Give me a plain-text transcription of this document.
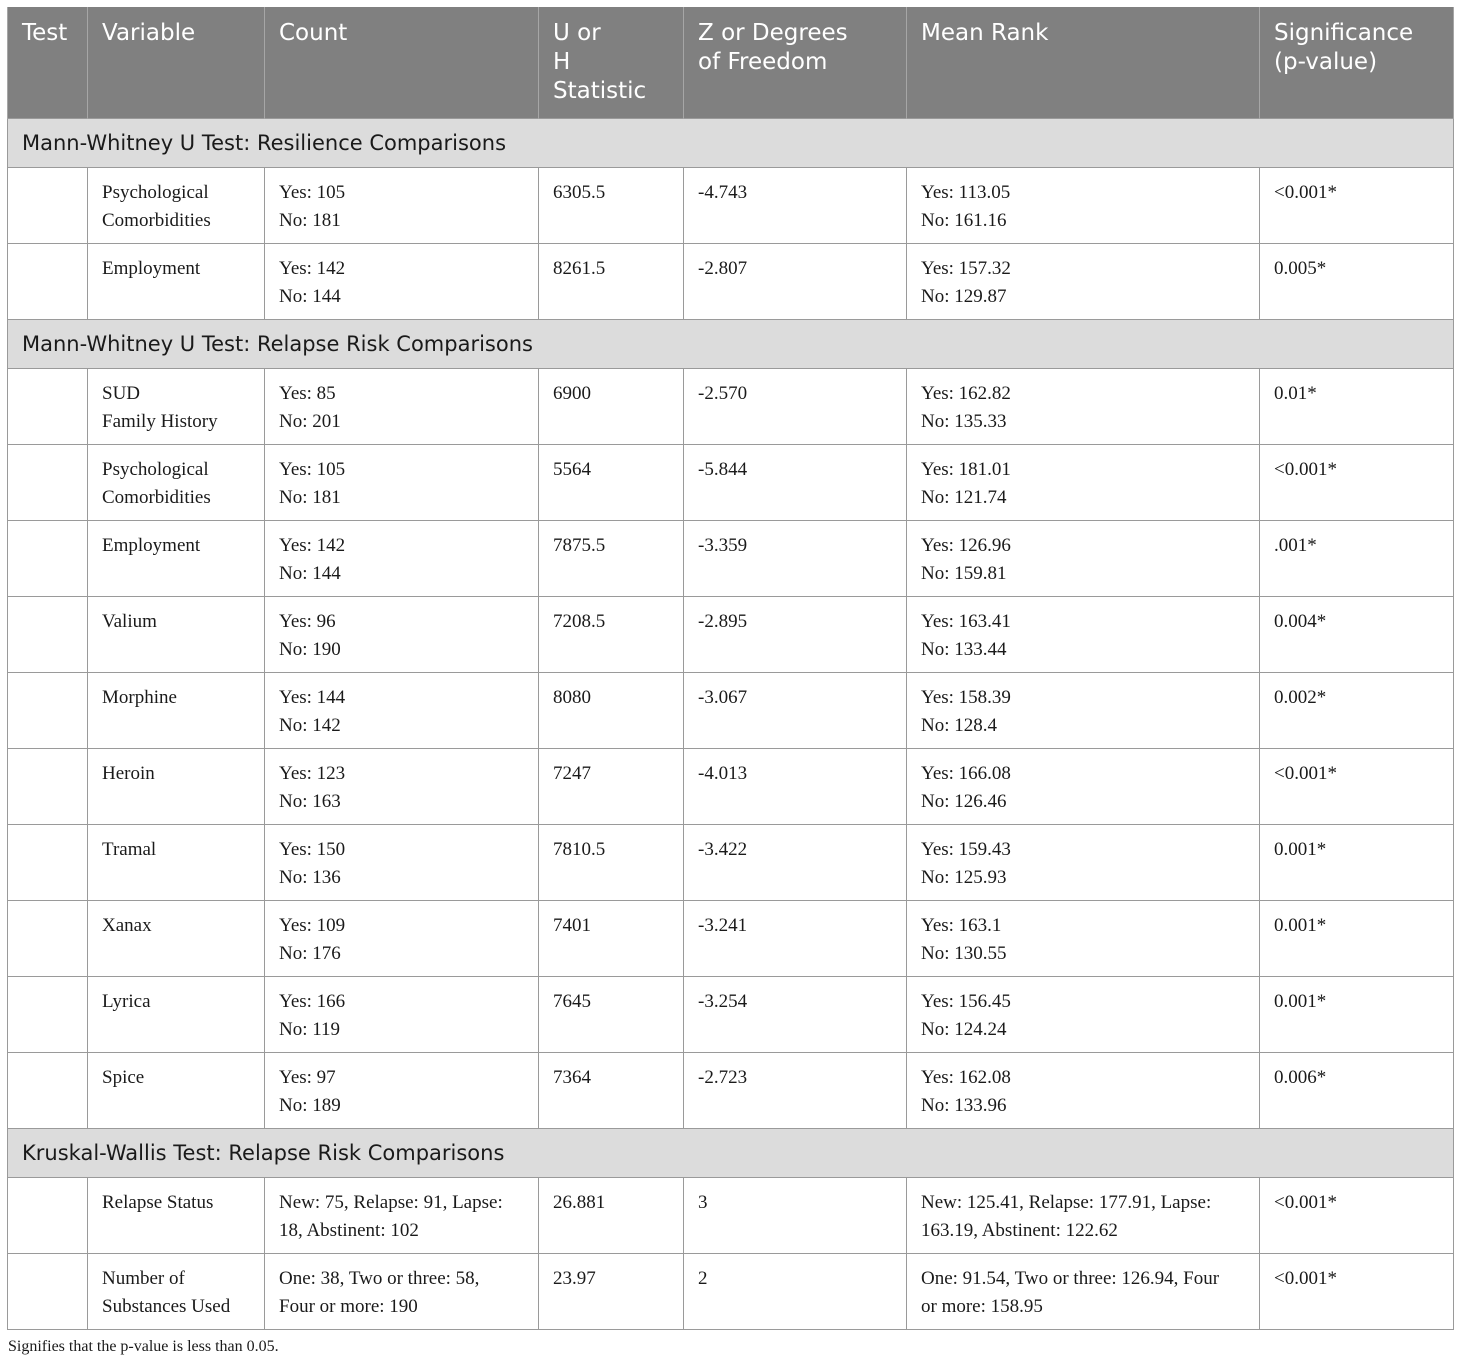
Test	Variable	Count	U or
H
Statistic	Z or Degrees
of Freedom	Mean Rank	Significance
(p-value)

Mann-Whitney U Test: Resilience Comparisons						

	Psychological
Comorbidities	Yes: 105
No: 181	6305.5	-4.743	Yes: 113.05
No: 161.16	<0.001*

	Employment	Yes: 142
No: 144	8261.5	-2.807	Yes: 157.32
No: 129.87	0.005*
Mann-Whitney U Test: Relapse Risk Comparisons						

	SUD
Family History	Yes: 85
No: 201	6900	-2.570	Yes: 162.82
No: 135.33	0.01*

	Psychological
Comorbidities	Yes: 105
No: 181	5564	-5.844	Yes: 181.01
No: 121.74	<0.001*

	Employment	Yes: 142
No: 144	7875.5	-3.359	Yes: 126.96
No: 159.81	.001*

	Valium	Yes: 96
No: 190	7208.5	-2.895	Yes: 163.41
No: 133.44	0.004*

	Morphine	Yes: 144
No: 142	8080	-3.067	Yes: 158.39
No: 128.4	0.002*

	Heroin	Yes: 123
No: 163	7247	-4.013	Yes: 166.08
No: 126.46	<0.001*

	Tramal	Yes: 150
No: 136	7810.5	-3.422	Yes: 159.43
No: 125.93	0.001*

	Xanax	Yes: 109
No: 176	7401	-3.241	Yes: 163.1
No: 130.55	0.001*

	Lyrica	Yes: 166
No: 119	7645	-3.254	Yes: 156.45
No: 124.24	0.001*

	Spice	Yes: 97
No: 189	7364	-2.723	Yes: 162.08
No: 133.96	0.006*
Kruskal-Wallis Test: Relapse Risk Comparisons						

	Relapse Status	New: 75, Relapse: 91, Lapse:
18, Abstinent: 102	26.881	3	New: 125.41, Relapse: 177.91, Lapse:
163.19, Abstinent: 122.62	<0.001*

	Number of
Substances Used	One: 38, Two or three: 58,
Four or more: 190	23.97	2	One: 91.54, Two or three: 126.94, Four
or more: 158.95	<0.001*
Signifies that the p-value is less than 0.05.
